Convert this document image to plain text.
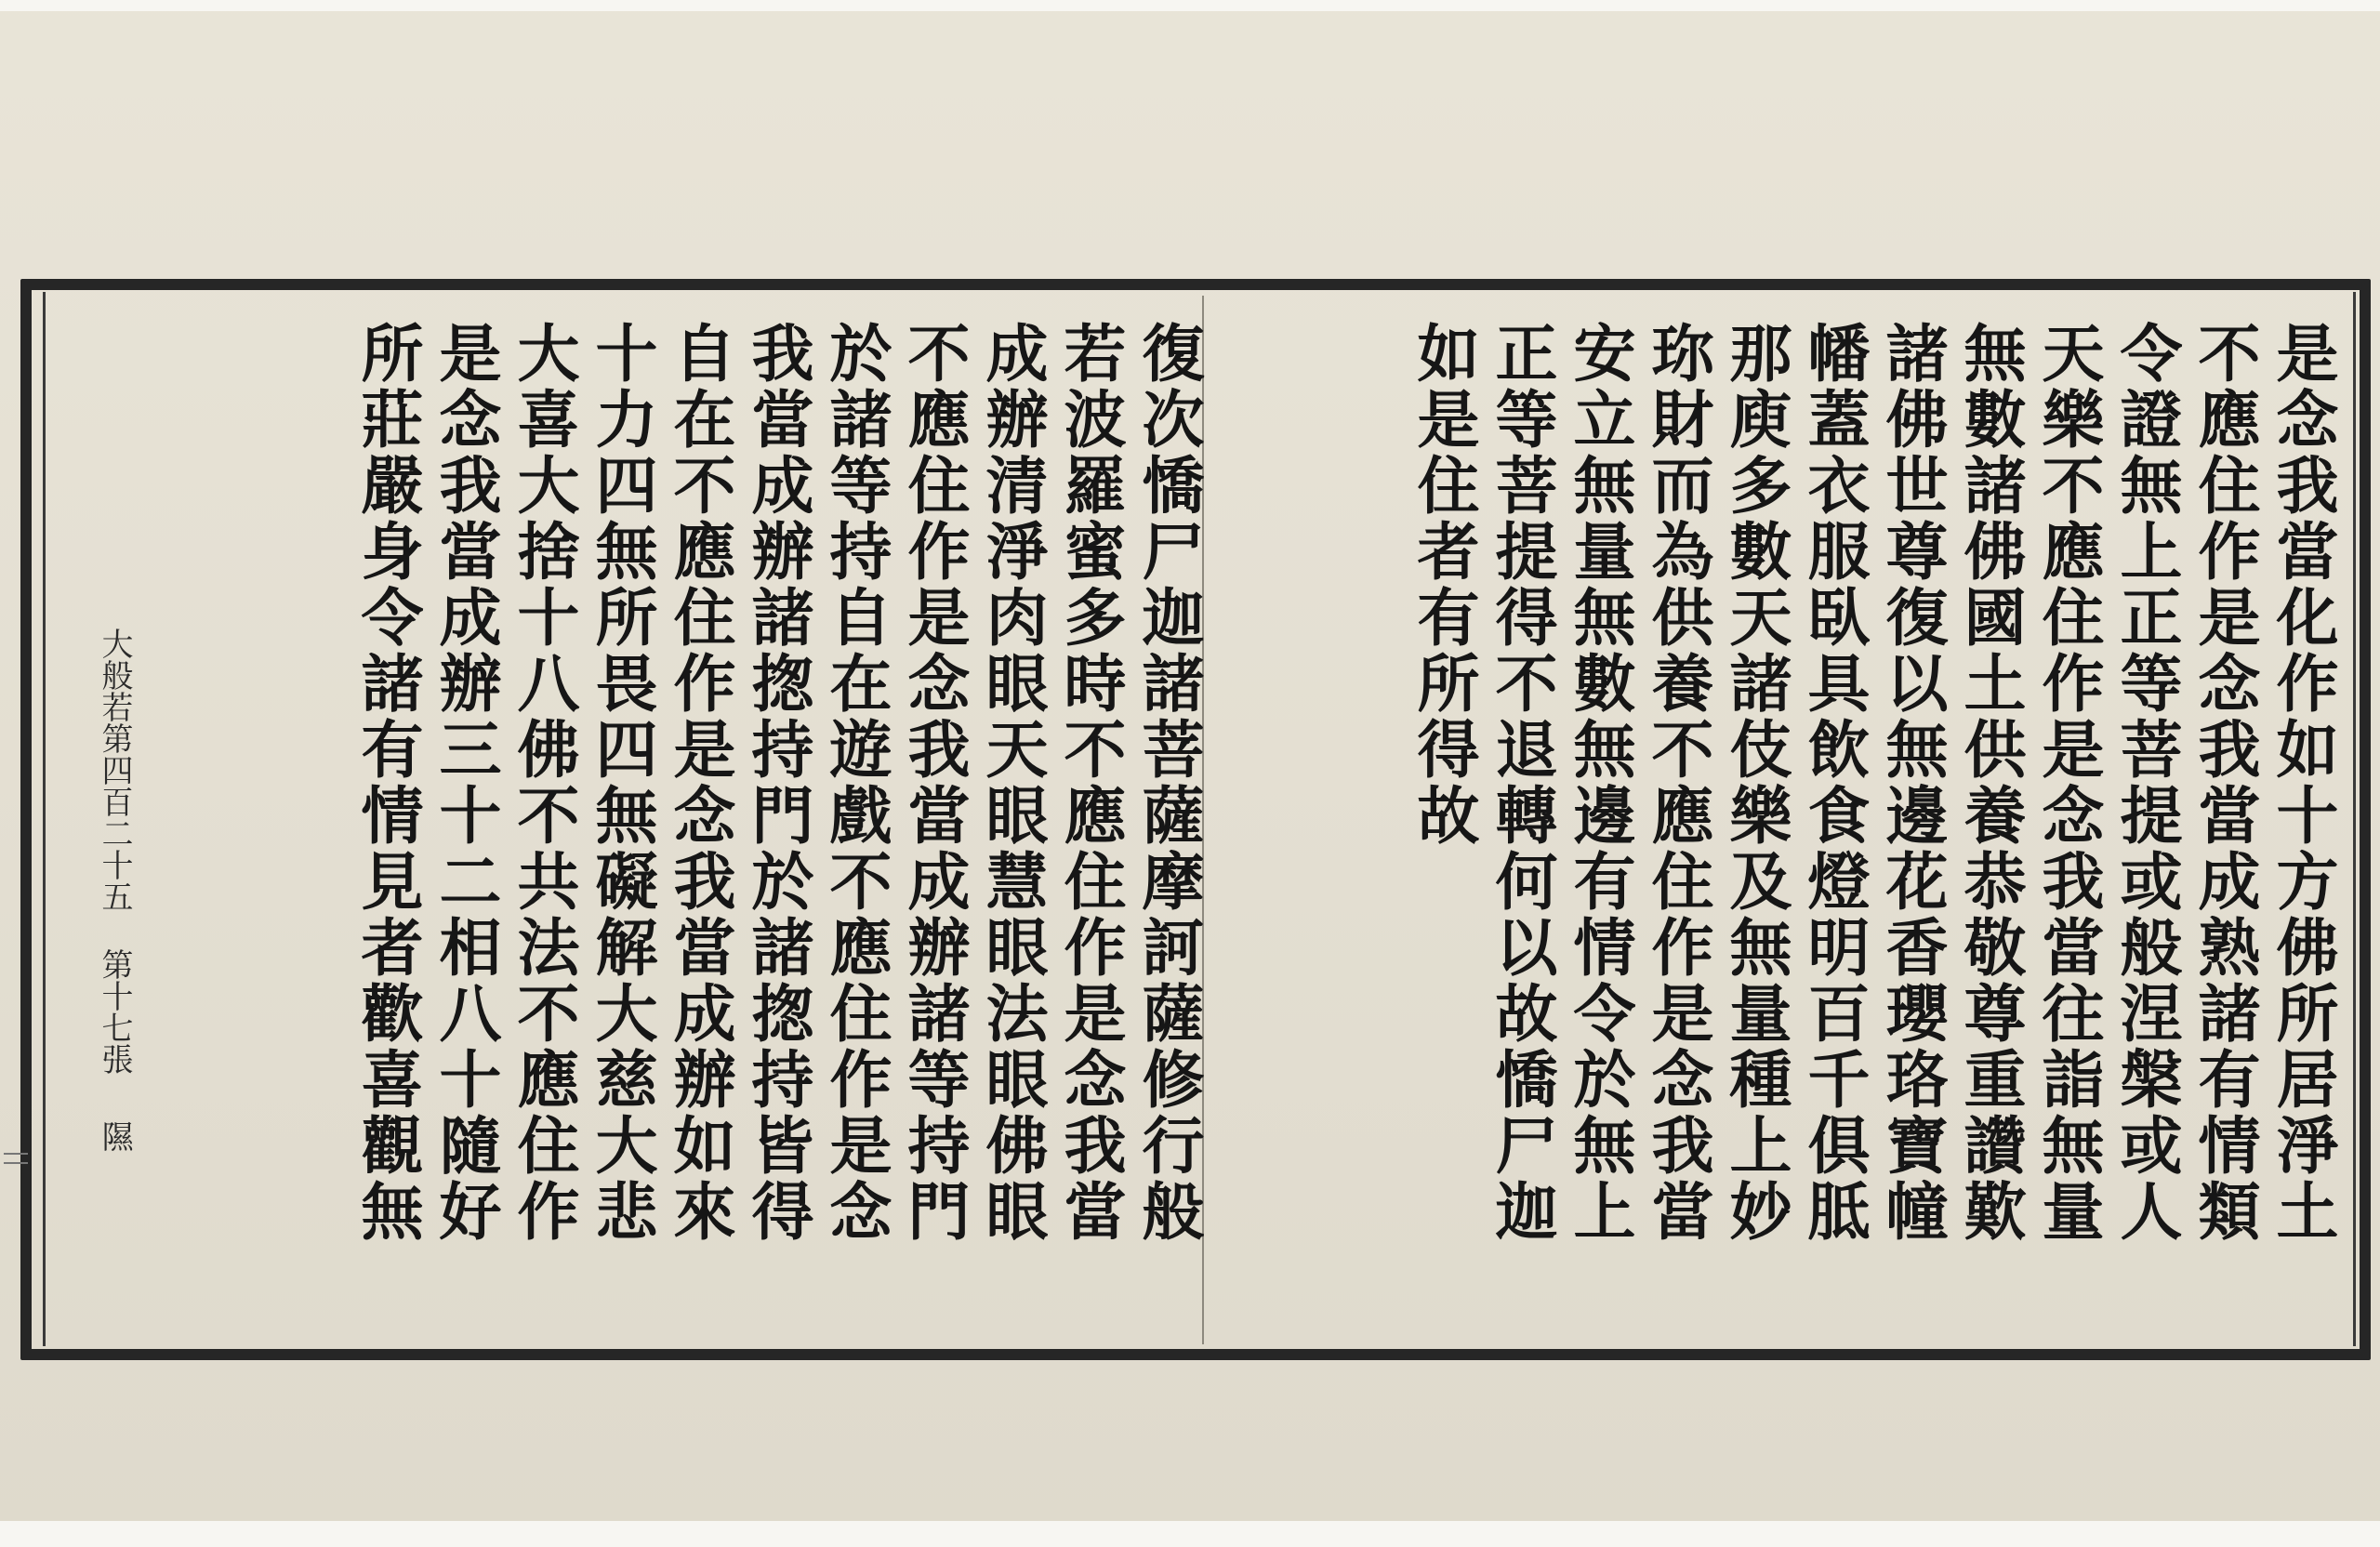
是念我當化作如十方佛所居淨土
不應住作是念我當成熟諸有情類
令證無上正等菩提或般涅槃或人
天樂不應住作是念我當往詣無量
無數諸佛國土供養恭敬尊重讚歎
諸佛世尊復以無邊花香瓔珞寶幢
幡蓋衣服臥具飲食燈明百千俱胝
那庾多數天諸伎樂及無量種上妙
珎財而為供養不應住作是念我當
安立無量無數無邊有情令於無上
正等菩提得不退轉何以故憍尸迦
如是住者有所得故
復次憍尸迦諸菩薩摩訶薩修行般
若波羅蜜多時不應住作是念我當
成辦清淨肉眼天眼慧眼法眼佛眼
不應住作是念我當成辦諸等持門
於諸等持自在遊戲不應住作是念
我當成辦諸揔持門於諸揔持皆得
自在不應住作是念我當成辦如來
十力四無所畏四無礙解大慈大悲
大喜大捨十八佛不共法不應住作
是念我當成辦三十二相八十隨好
所莊嚴身令諸有情見者歡喜觀無
大般若第四百二十五
第十七張
隰
